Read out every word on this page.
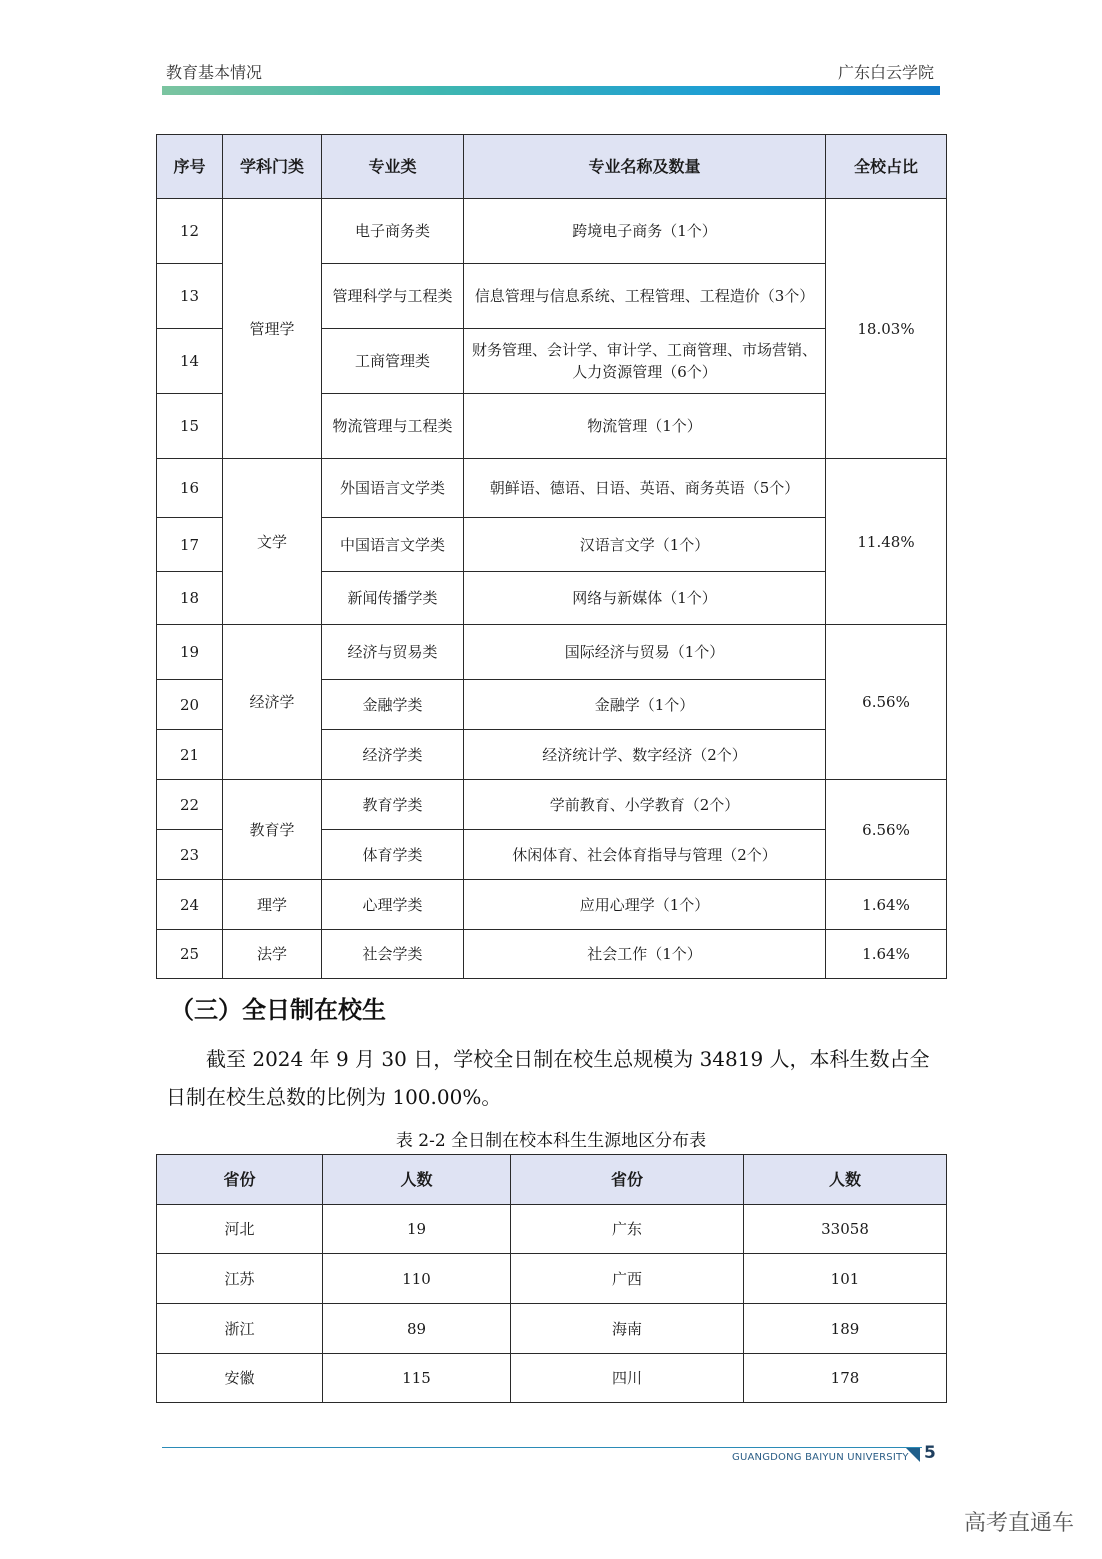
教育基本情况	广东白云学院
序号	学科门类	专业类	专业名称及数量	全校占比
12	管理学	电子商务类	跨境电子商务（1个）	18.03%
13		管理科学与工程类	信息管理与信息系统、工程管理、工程造价（3个）	
14		工商管理类	财务管理、会计学、审计学、工商管理、市场营销、人力资源管理（6个）	
15		物流管理与工程类	物流管理（1个）	
16	文学	外国语言文学类	朝鲜语、德语、日语、英语、商务英语（5个）	11.48%
17		中国语言文学类	汉语言文学（1个）	
18		新闻传播学类	网络与新媒体（1个）	
19	经济学	经济与贸易类	国际经济与贸易（1个）	6.56%
20		金融学类	金融学（1个）	
21		经济学类	经济统计学、数字经济（2个）	
22	教育学	教育学类	学前教育、小学教育（2个）	6.56%
23		体育学类	休闲体育、社会体育指导与管理（2个）	
24	理学	心理学类	应用心理学（1个）	1.64%
25	法学	社会学类	社会工作（1个）	1.64%
（三）全日制在校生
截至 2024 年 9 月 30 日，学校全日制在校生总规模为 34819 人，本科生数占全日制在校生总数的比例为 100.00%。
表 2-2 全日制在校本科生生源地区分布表
省份	人数	省份	人数
河北	19	广东	33058
江苏	110	广西	101
浙江	89	海南	189
安徽	115	四川	178
GUANGDONG BAIYUN UNIVERSITY 5
高考直通车
